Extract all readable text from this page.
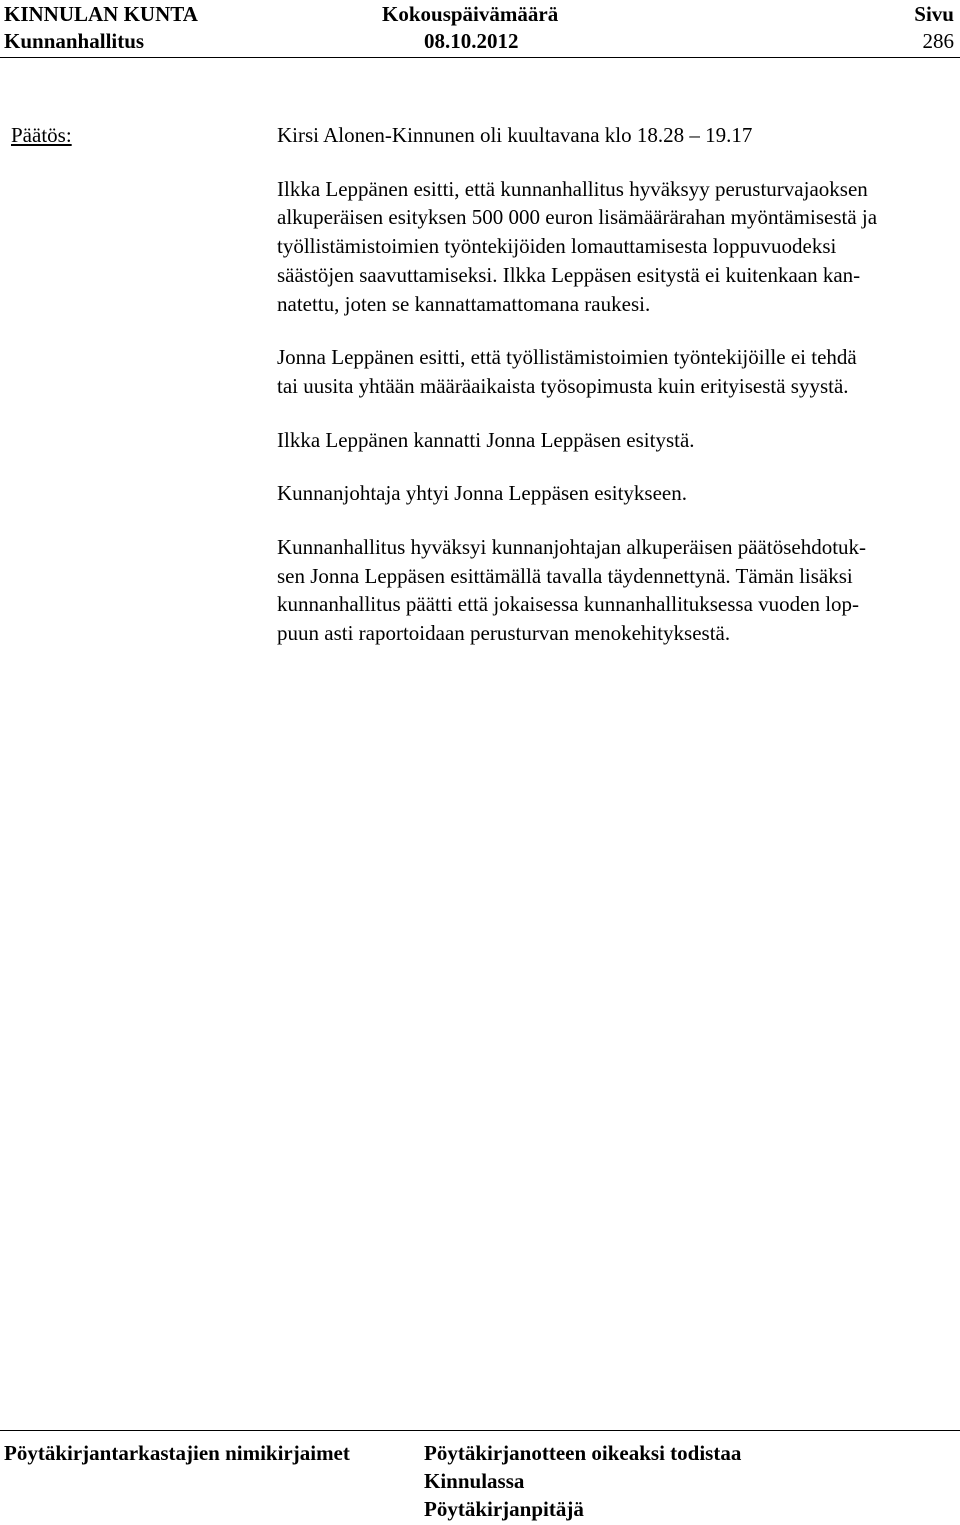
KINNULAN KUNTA
Kunnanhallitus
Kokouspäivämäärä
08.10.2012
Sivu
286
Päätös:	Kirsi Alonen-Kinnunen oli kuultavana klo 18.28 – 19.17

Ilkka Leppänen esitti, että kunnanhallitus hyväksyy perusturvajaoksen
alkuperäisen esityksen 500 000 euron lisämäärärahan myöntämisestä ja
työllistämistoimien työntekijöiden lomauttamisesta loppuvuodeksi
säästöjen saavuttamiseksi. Ilkka Leppäsen esitystä ei kuitenkaan kan-
natettu, joten se kannattamattomana raukesi.

Jonna Leppänen esitti, että työllistämistoimien työntekijöille ei tehdä
tai uusita yhtään määräaikaista työsopimusta kuin erityisestä syystä.

Ilkka Leppänen kannatti Jonna Leppäsen esitystä.

Kunnanjohtaja yhtyi Jonna Leppäsen esitykseen.

Kunnanhallitus hyväksyi kunnanjohtajan alkuperäisen päätösehdotuk-
sen Jonna Leppäsen esittämällä tavalla täydennettynä. Tämän lisäksi
kunnanhallitus päätti että jokaisessa kunnanhallituksessa vuoden lop-
puun asti raportoidaan perusturvan menokehityksestä.

Pöytäkirjantarkastajien nimikirjaimet	Pöytäkirjanotteen oikeaksi todistaa
Kinnulassa
Pöytäkirjanpitäjä
